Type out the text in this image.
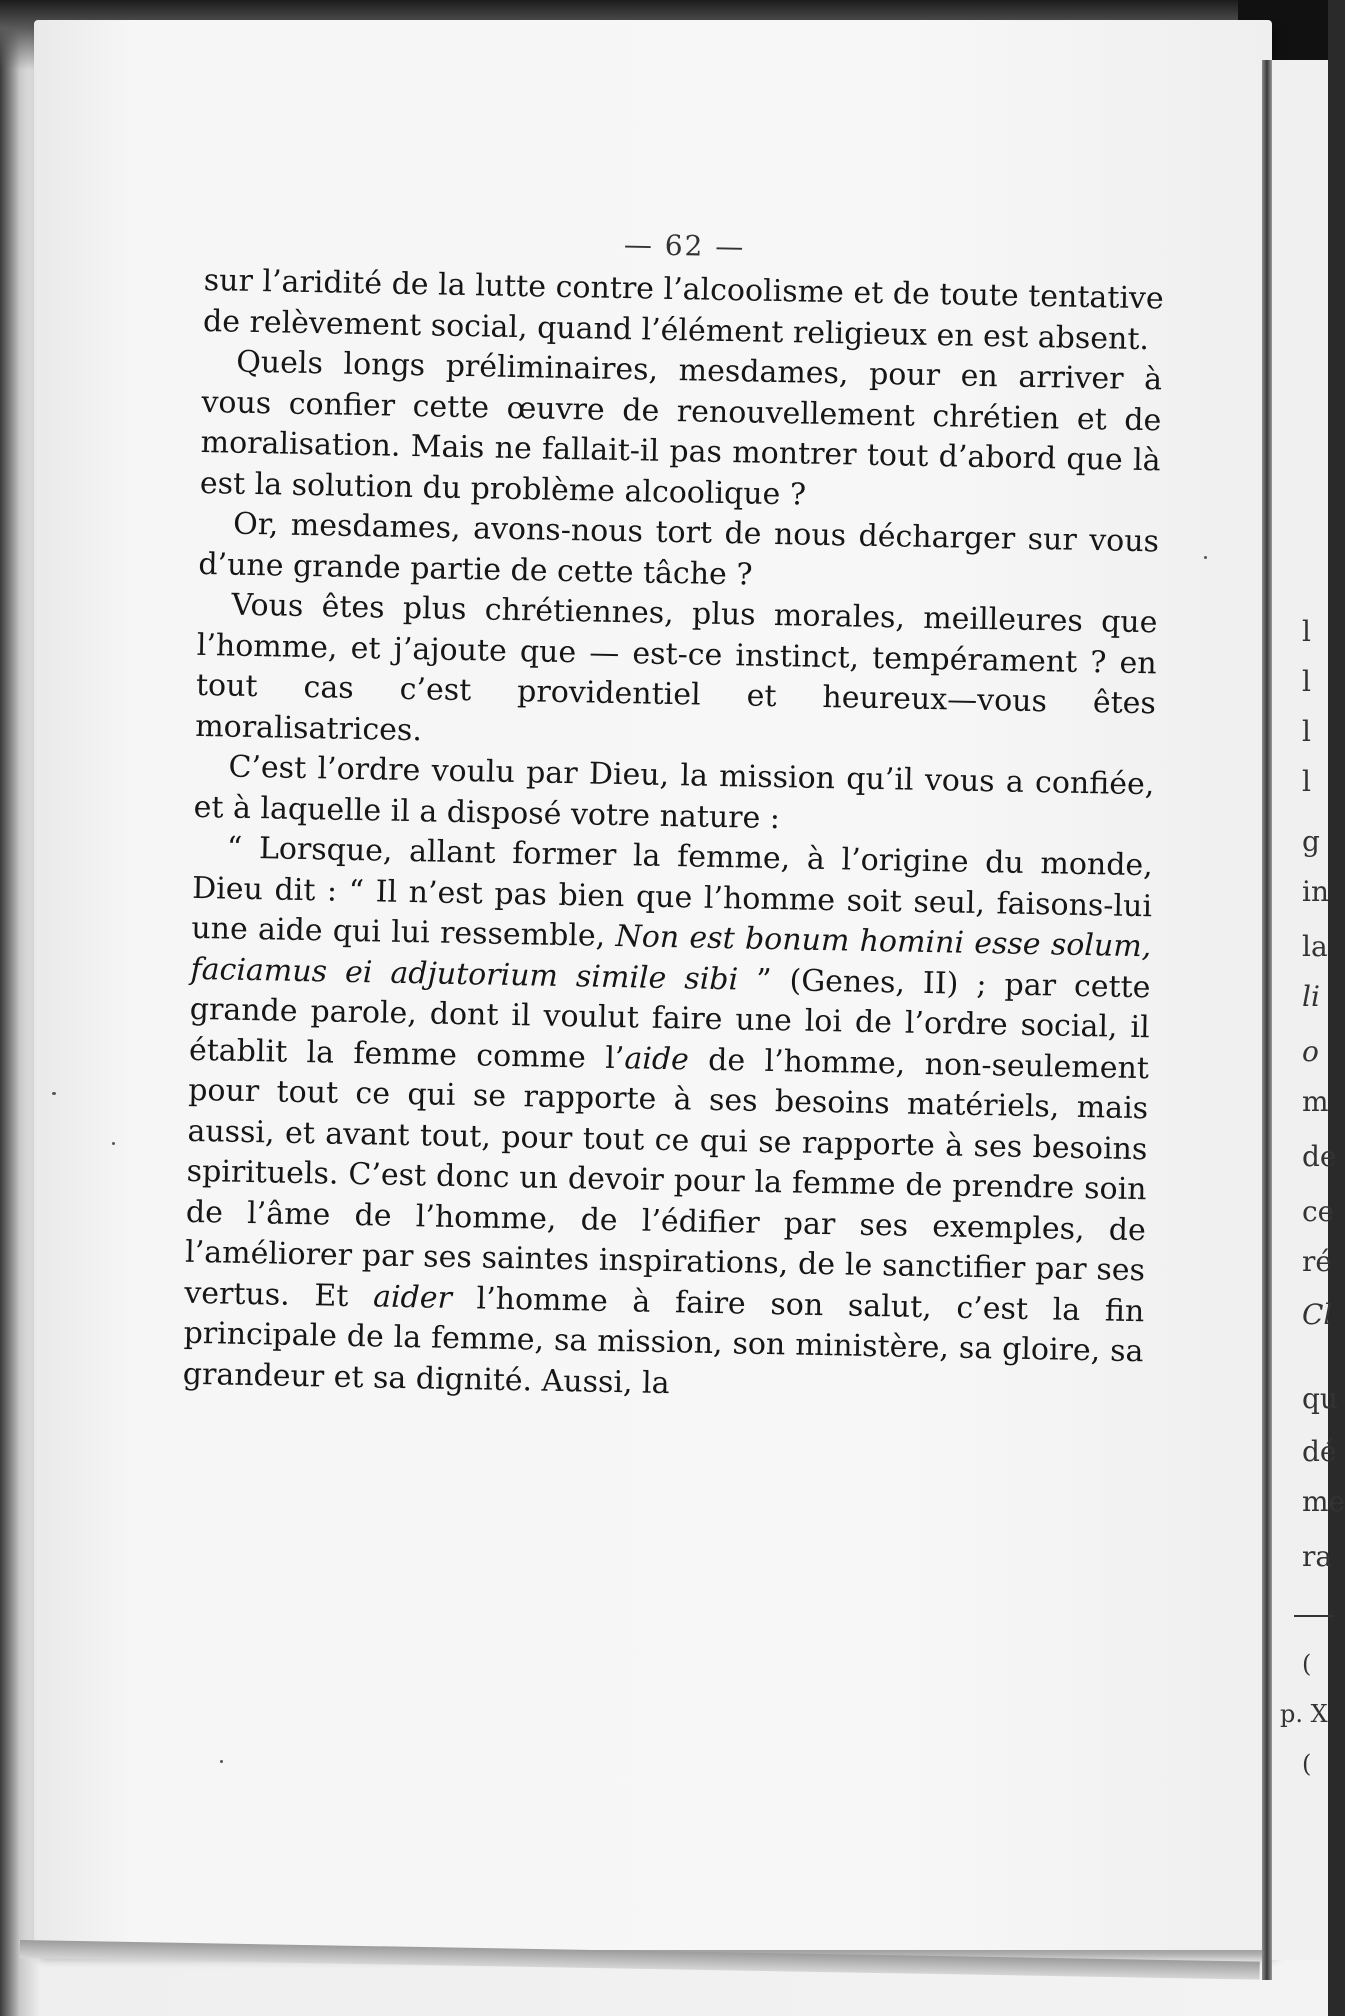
l
l
l
l
g
in
la
li
o
m
de
ce
ré
Cl
qu
dé
me
ra
(
p. X
(
— 62 —

sur l’aridité de la lutte contre l’alcoolisme et de toute tentative de relèvement social, quand l’élément religieux en est absent.

Quels longs préliminaires, mesdames, pour en arriver à vous confier cette œuvre de renouvellement chrétien et de moralisation. Mais ne fallait-il pas montrer tout d’abord que là est la solution du problème alcoolique ?

Or, mesdames, avons-nous tort de nous décharger sur vous d’une grande partie de cette tâche ?

Vous êtes plus chrétiennes, plus morales, meilleures que l’homme, et j’ajoute que — est-ce instinct, tempérament ? en tout cas c’est providentiel et heureux—vous êtes moralisatrices.

C’est l’ordre voulu par Dieu, la mission qu’il vous a confiée, et à laquelle il a disposé votre nature :

“ Lorsque, allant former la femme, à l’origine du monde, Dieu dit : “ Il n’est pas bien que l’homme soit seul, faisons-lui une aide qui lui ressemble, Non est bonum homini esse solum, faciamus ei adjutorium simile sibi ” (Genes, II) ; par cette grande parole, dont il voulut faire une loi de l’ordre social, il établit la femme comme l’aide de l’homme, non-seulement pour tout ce qui se rapporte à ses besoins matériels, mais aussi, et avant tout, pour tout ce qui se rapporte à ses besoins spirituels. C’est donc un devoir pour la femme de prendre soin de l’âme de l’homme, de l’édifier par ses exemples, de l’améliorer par ses saintes inspirations, de le sanctifier par ses vertus. Et aider l’homme à faire son salut, c’est la fin principale de la femme, sa mission, son ministère, sa gloire, sa grandeur et sa dignité. Aussi, la
